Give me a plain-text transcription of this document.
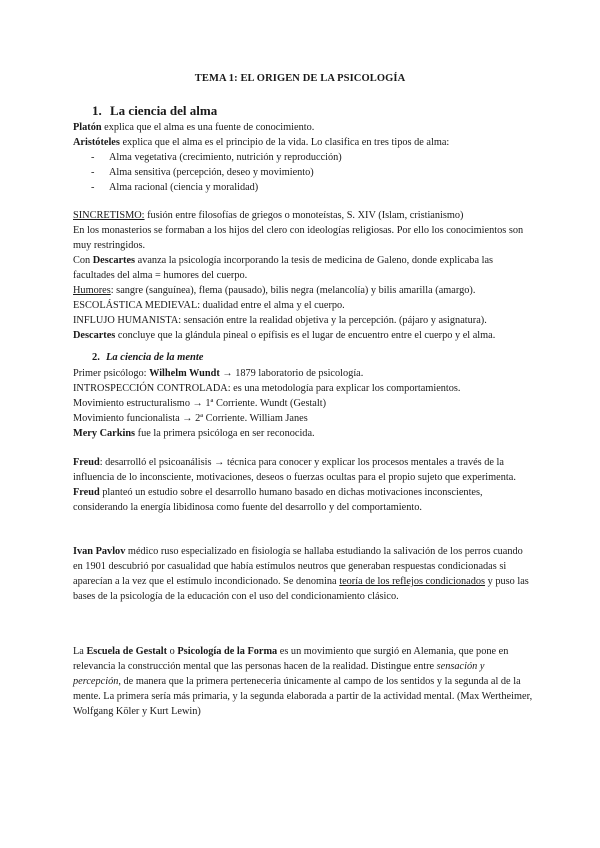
TEMA 1: EL ORIGEN DE LA PSICOLOGÍA
1. La ciencia del alma

Platón explica que el alma es una fuente de conocimiento.

Aristóteles explica que el alma es el principio de la vida. Lo clasifica en tres tipos de alma:

- Alma vegetativa (crecimiento, nutrición y reproducción)
- Alma sensitiva (percepción, deseo y movimiento)
- Alma racional (ciencia y moralidad)

SINCRETISMO: fusión entre filosofías de griegos o monoteístas, S. XIV (Islam, cristianismo)

En los monasterios se formaban a los hijos del clero con ideologías religiosas. Por ello los conocimientos son muy restringidos.

Con Descartes avanza la psicología incorporando la tesis de medicina de Galeno, donde explicaba las facultades del alma = humores del cuerpo.

Humores: sangre (sanguínea), flema (pausado), bilis negra (melancolía) y bilis amarilla (amargo).

ESCOLÁSTICA MEDIEVAL: dualidad entre el alma y el cuerpo.

INFLUJO HUMANISTA: sensación entre la realidad objetiva y la percepción. (pájaro y asignatura).

Descartes concluye que la glándula pineal o epífisis es el lugar de encuentro entre el cuerpo y el alma.

2. La ciencia de la mente

Primer psicólogo: Wilhelm Wundt → 1879 laboratorio de psicología.

INTROSPECCIÓN CONTROLADA: es una metodología para explicar los comportamientos.

Movimiento estructuralismo → 1ª Corriente. Wundt (Gestalt)

Movimiento funcionalista → 2ª Corriente. William Janes

Mery Carkins fue la primera psicóloga en ser reconocida.

Freud: desarrolló el psicoanálisis → técnica para conocer y explicar los procesos mentales a través de la influencia de lo inconsciente, motivaciones, deseos o fuerzas ocultas para el propio sujeto que experimenta.

Freud planteó un estudio sobre el desarrollo humano basado en dichas motivaciones inconscientes, considerando la energía libidinosa como fuente del desarrollo y del comportamiento.

Ivan Pavlov médico ruso especializado en fisiología se hallaba estudiando la salivación de los perros cuando en 1901 descubrió por casualidad que había estímulos neutros que generaban respuestas condicionadas si aparecían a la vez que el estímulo incondicionado. Se denomina teoría de los reflejos condicionados y puso las bases de la psicología de la educación con el uso del condicionamiento clásico.

La Escuela de Gestalt o Psicología de la Forma es un movimiento que surgió en Alemania, que pone en relevancia la construcción mental que las personas hacen de la realidad. Distingue entre sensación y percepción, de manera que la primera perteneceria únicamente al campo de los sentidos y la segunda al de la mente. La primera sería más primaria, y la segunda elaborada a partir de la actividad mental. (Max Wertheimer, Wolfgang Köler y Kurt Lewin)
